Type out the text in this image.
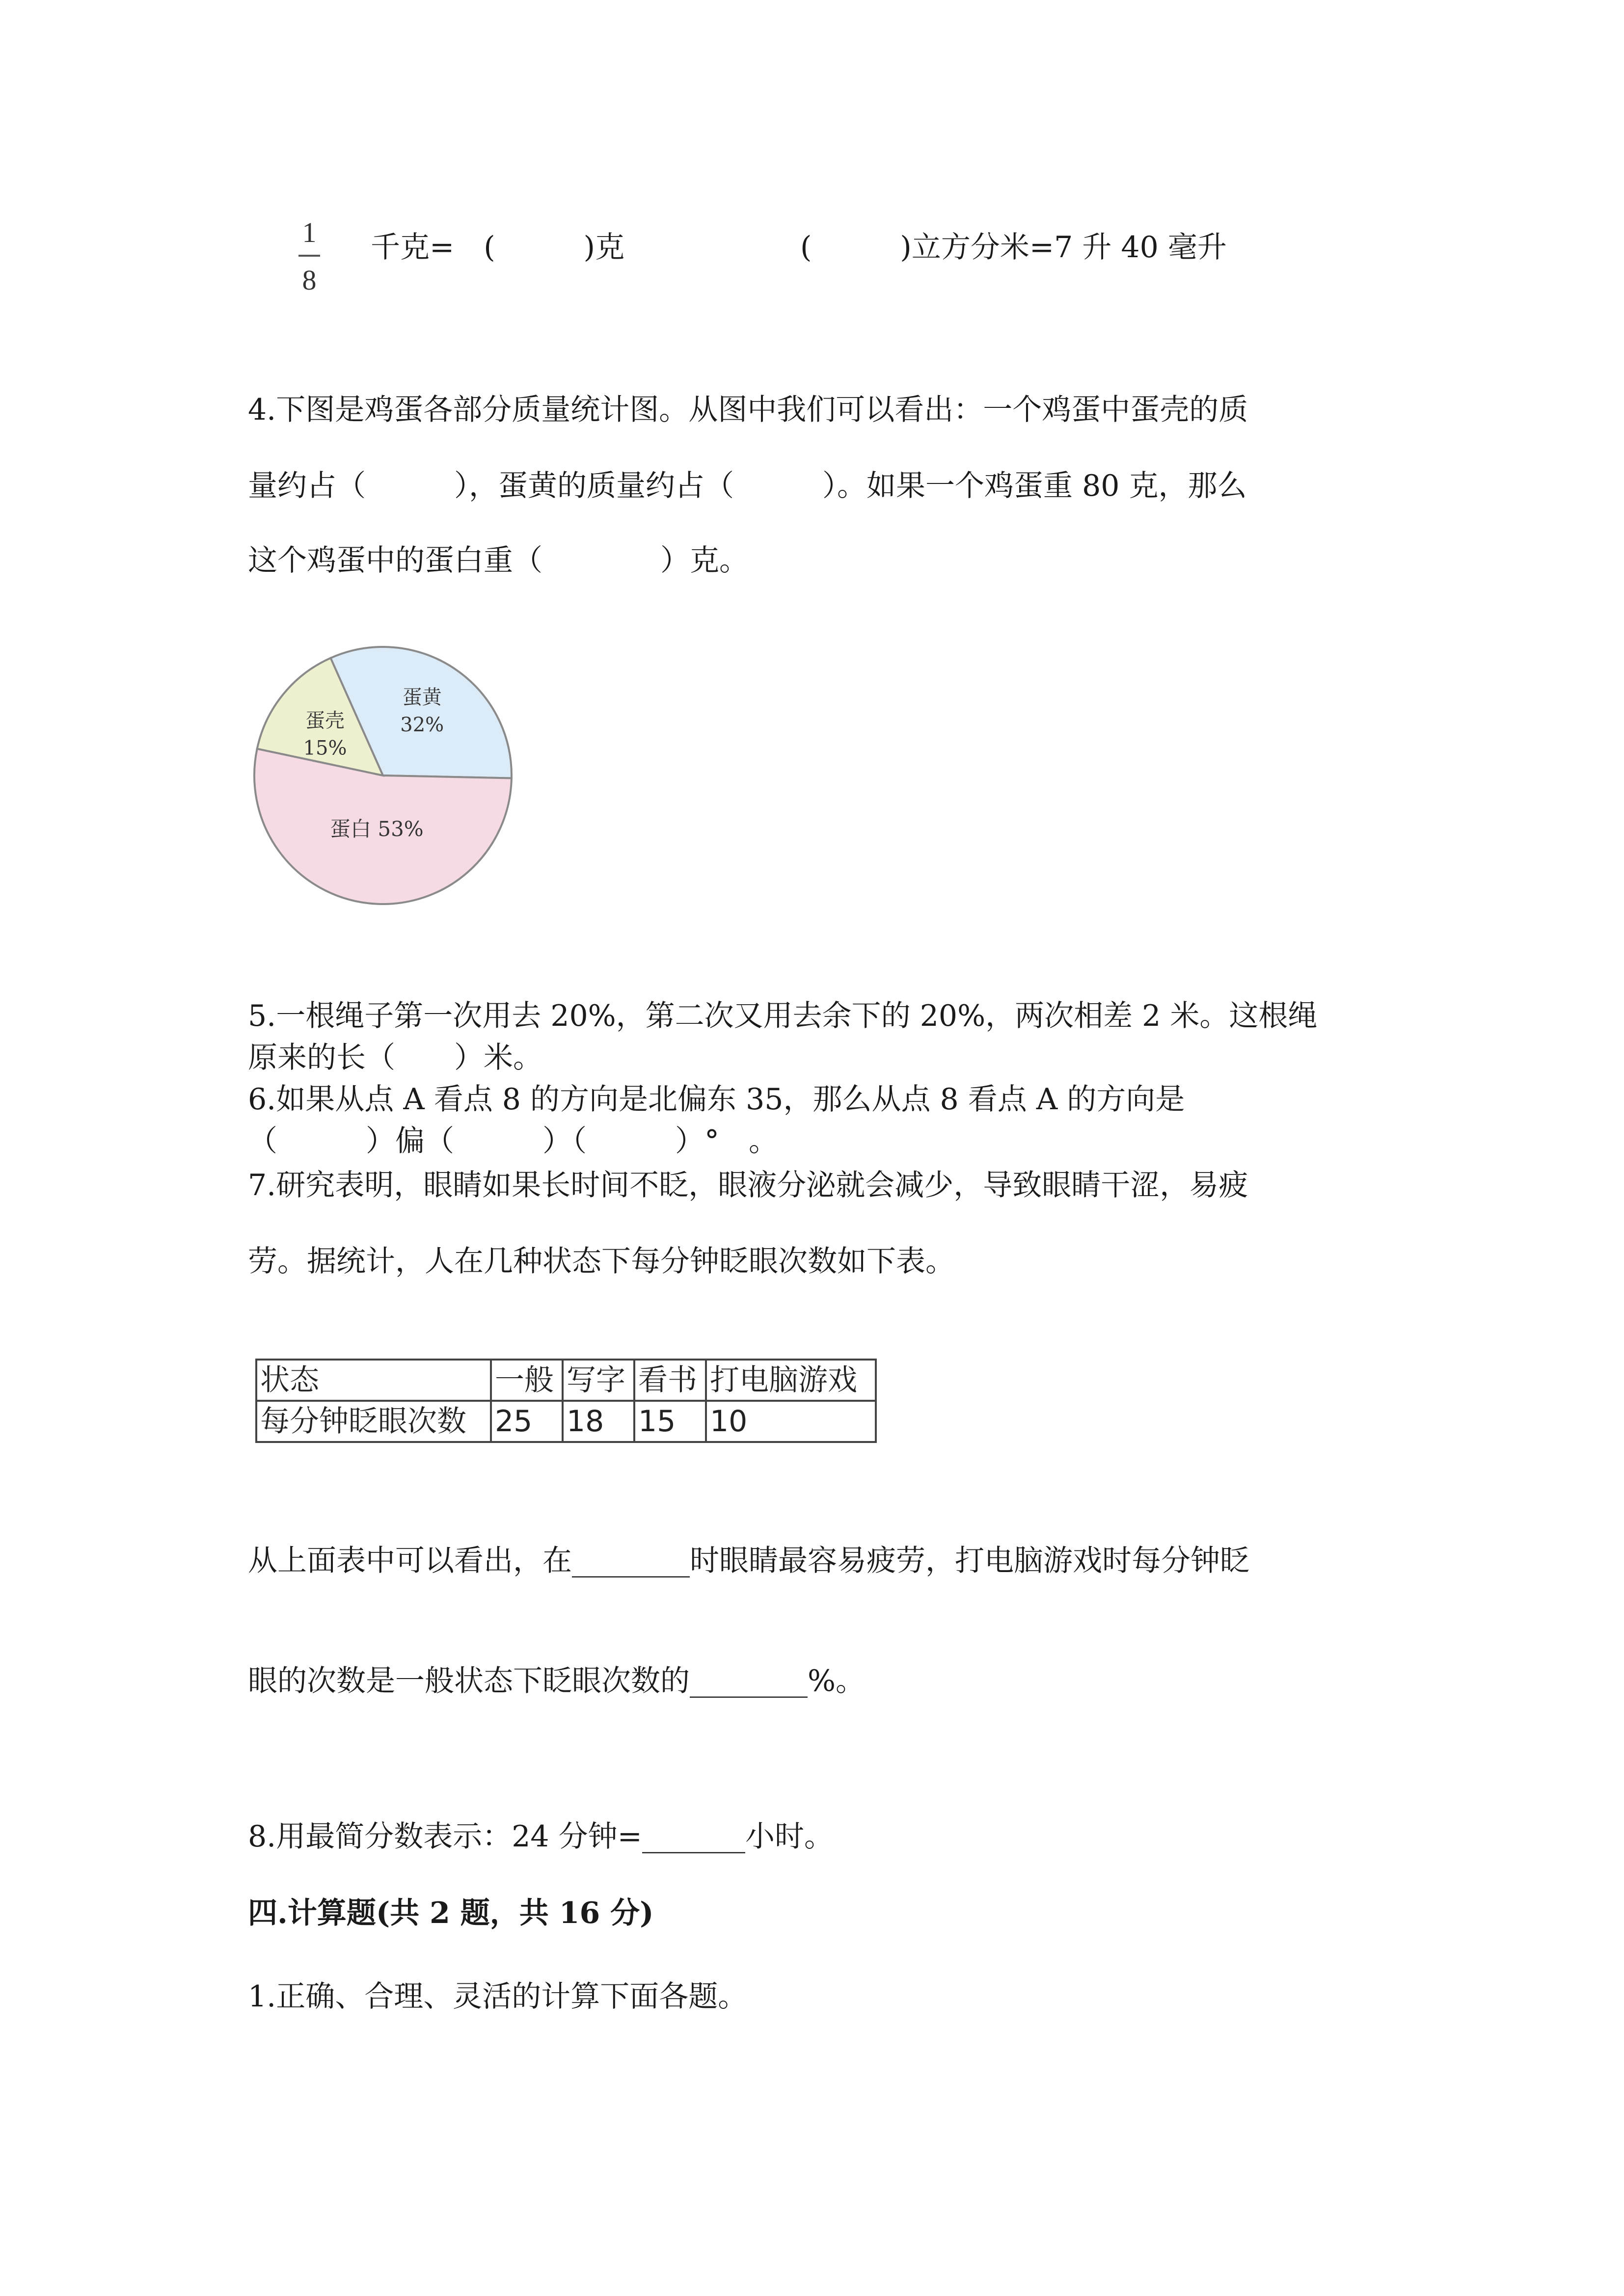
1
8
千克=　(　　　)克	(　　　)立方分米=7 升 40 毫升
4.下图是鸡蛋各部分质量统计图。从图中我们可以看出：一个鸡蛋中蛋壳的质
量约占（　　　），蛋黄的质量约占（　　　）。如果一个鸡蛋重 80 克，那么
这个鸡蛋中的蛋白重（　　　　）克。
蛋黄
32%
蛋白 53%
蛋壳
15%
5.一根绳子第一次用去 20%，第二次又用去余下的 20%，两次相差 2 米。这根绳
原来的长（　　）米。
6.如果从点 A 看点 8 的方向是北偏东 35，那么从点 8 看点 A 的方向是
（　　　）偏（　　　）（　　　）°　。
7.研究表明，眼睛如果长时间不眨，眼液分泌就会减少，导致眼睛干涩，易疲
劳。据统计，人在几种状态下每分钟眨眼次数如下表。
状态	一般	写字	看书	打电脑游戏
每分钟眨眼次数	25	18	15	10
从上面表中可以看出，在________时眼睛最容易疲劳，打电脑游戏时每分钟眨
眼的次数是一般状态下眨眼次数的________%。
8.用最简分数表示：24 分钟=_______小时。
四.计算题(共 2 题，共 16 分)
1.正确、合理、灵活的计算下面各题。
